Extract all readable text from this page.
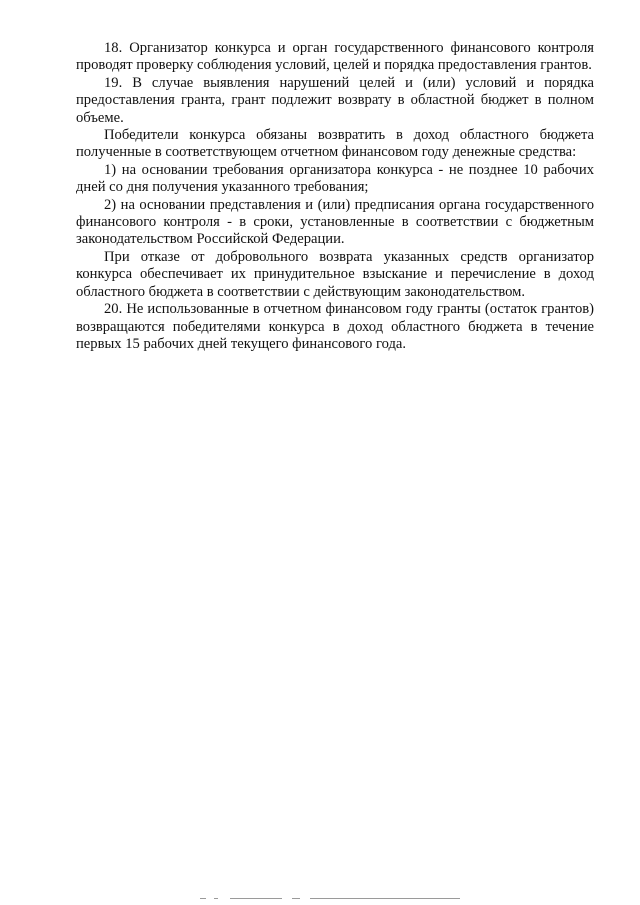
18. Организатор конкурса и орган государственного финансового контроля проводят проверку соблюдения условий, целей и порядка предоставления грантов.

19. В случае выявления нарушений целей и (или) условий и порядка предоставления гранта, грант подлежит возврату в областной бюджет в полном объеме.

Победители конкурса обязаны возвратить в доход областного бюджета полученные в соответствующем отчетном финансовом году денежные средства:

1) на основании требования организатора конкурса - не позднее 10 рабочих дней со дня получения указанного требования;

2) на основании представления и (или) предписания органа государственного финансового контроля - в сроки, установленные в соответствии с бюджетным законодательством Российской Федерации.

При отказе от добровольного возврата указанных средств организатор конкурса обеспечивает их принудительное взыскание и перечисление в доход областного бюджета в соответствии с действующим законодательством.

20. Не использованные в отчетном финансовом году гранты (остаток грантов) возвращаются победителями конкурса в доход областного бюджета в течение первых 15 рабочих дней текущего финансового года.
